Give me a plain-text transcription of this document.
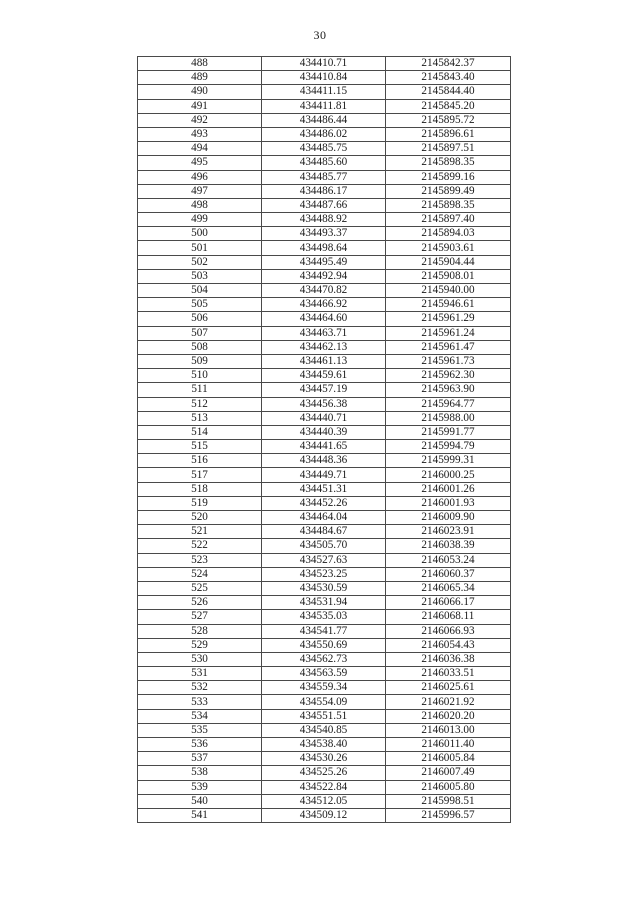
30
488	434410.71	2145842.37
489	434410.84	2145843.40
490	434411.15	2145844.40
491	434411.81	2145845.20
492	434486.44	2145895.72
493	434486.02	2145896.61
494	434485.75	2145897.51
495	434485.60	2145898.35
496	434485.77	2145899.16
497	434486.17	2145899.49
498	434487.66	2145898.35
499	434488.92	2145897.40
500	434493.37	2145894.03
501	434498.64	2145903.61
502	434495.49	2145904.44
503	434492.94	2145908.01
504	434470.82	2145940.00
505	434466.92	2145946.61
506	434464.60	2145961.29
507	434463.71	2145961.24
508	434462.13	2145961.47
509	434461.13	2145961.73
510	434459.61	2145962.30
511	434457.19	2145963.90
512	434456.38	2145964.77
513	434440.71	2145988.00
514	434440.39	2145991.77
515	434441.65	2145994.79
516	434448.36	2145999.31
517	434449.71	2146000.25
518	434451.31	2146001.26
519	434452.26	2146001.93
520	434464.04	2146009.90
521	434484.67	2146023.91
522	434505.70	2146038.39
523	434527.63	2146053.24
524	434523.25	2146060.37
525	434530.59	2146065.34
526	434531.94	2146066.17
527	434535.03	2146068.11
528	434541.77	2146066.93
529	434550.69	2146054.43
530	434562.73	2146036.38
531	434563.59	2146033.51
532	434559.34	2146025.61
533	434554.09	2146021.92
534	434551.51	2146020.20
535	434540.85	2146013.00
536	434538.40	2146011.40
537	434530.26	2146005.84
538	434525.26	2146007.49
539	434522.84	2146005.80
540	434512.05	2145998.51
541	434509.12	2145996.57
